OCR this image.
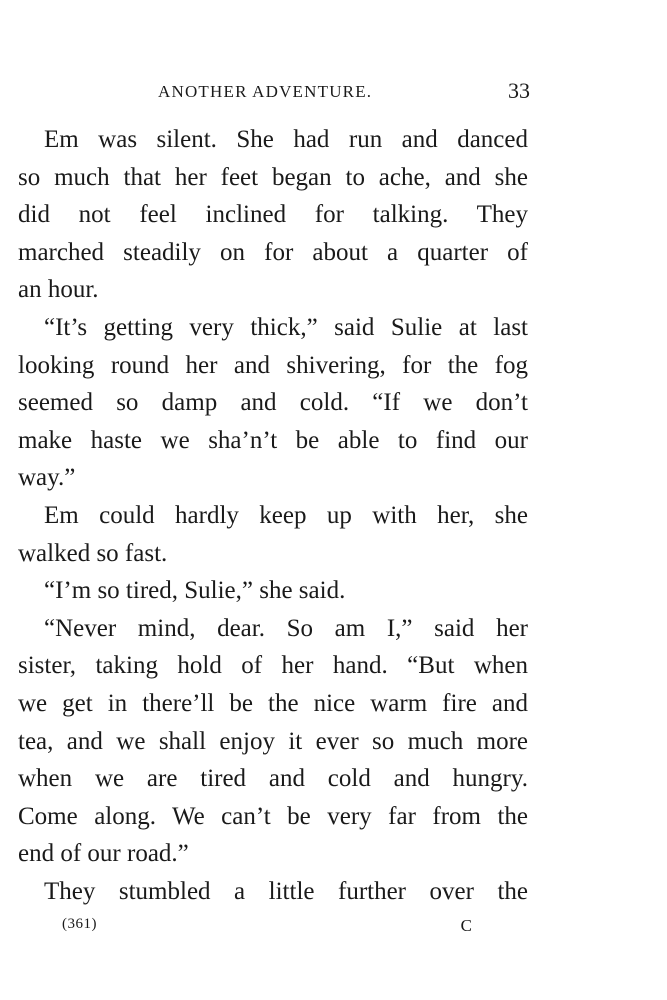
ANOTHER ADVENTURE.	33

Em was silent. She had run and danced
so much that her feet began to ache, and she
did not feel inclined for talking. They
marched steadily on for about a quarter of
an hour.

“It’s getting very thick,” said Sulie at last
looking round her and shivering, for the fog
seemed so damp and cold. “If we don’t
make haste we sha’n’t be able to find our
way.”

Em could hardly keep up with her, she
walked so fast.

“I’m so tired, Sulie,” she said.

“Never mind, dear. So am I,” said her
sister, taking hold of her hand. “But when
we get in there’ll be the nice warm fire and
tea, and we shall enjoy it ever so much more
when we are tired and cold and hungry.
Come along. We can’t be very far from the
end of our road.”

They stumbled a little further over the

(361)	C
